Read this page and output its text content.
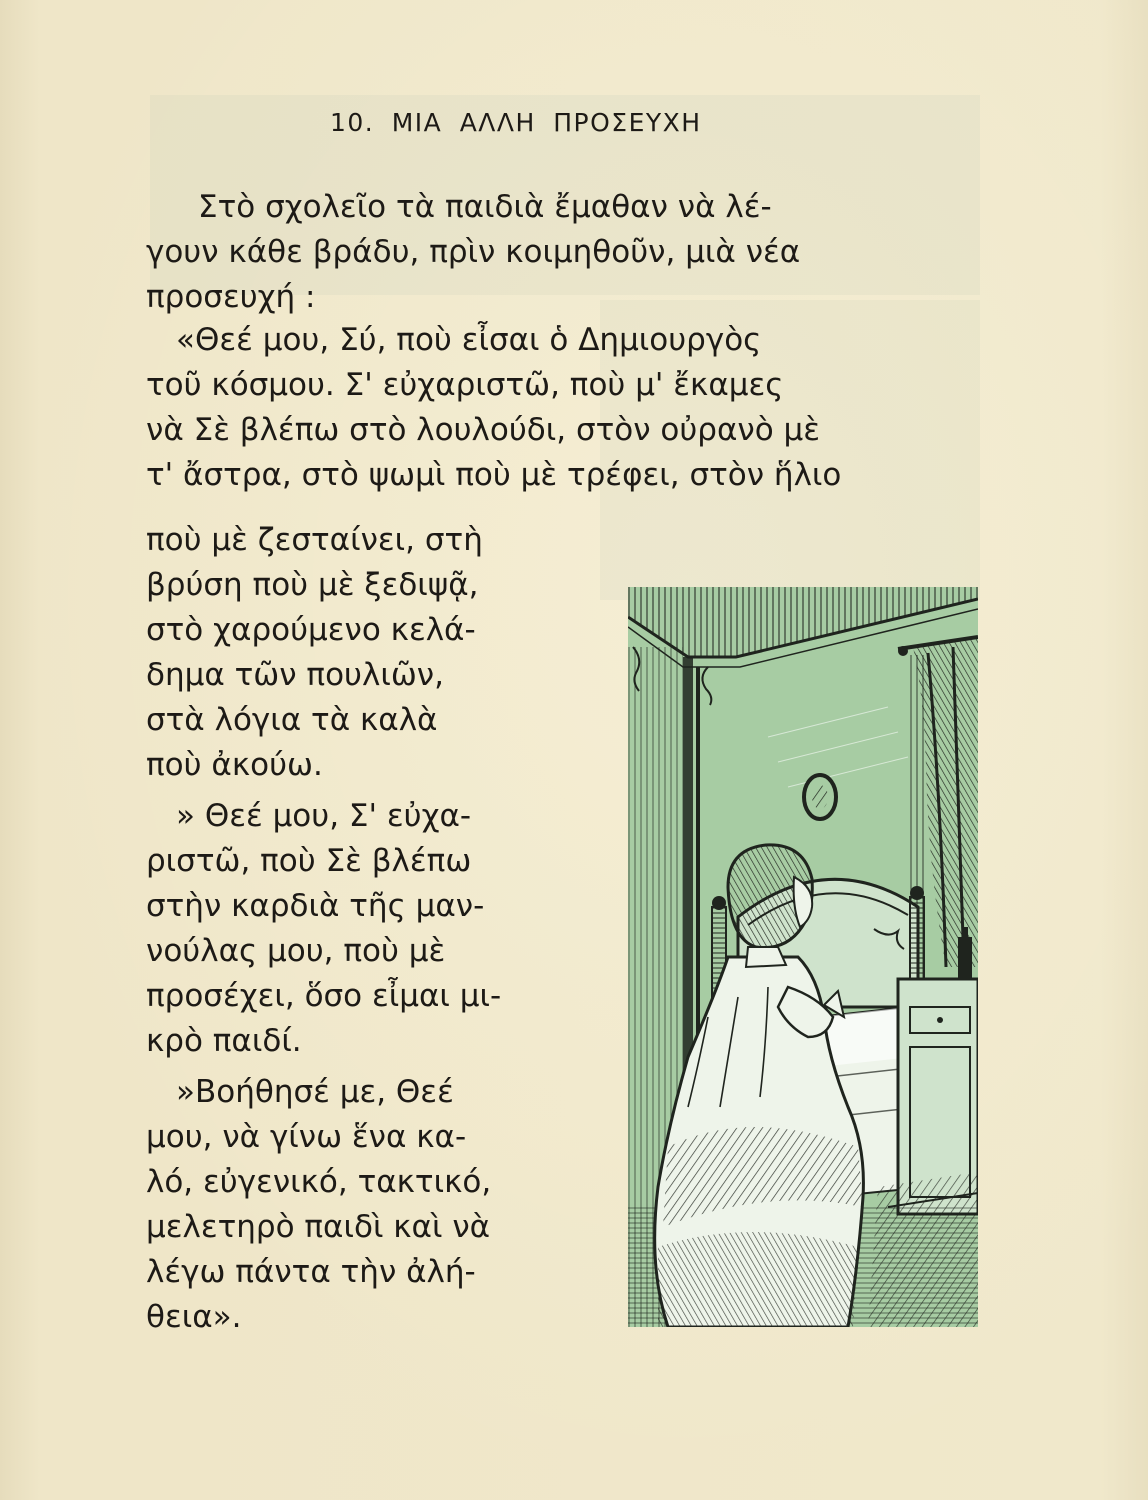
10. ΜΙΑ ΑΛΛΗ ΠΡΟΣΕΥΧΗ

Στὸ σχολεῖο τὰ παιδιὰ ἔμαθαν νὰ λέ-
γουν κάθε βράδυ, πρὶν κοιμηθοῦν, μιὰ νέα
προσευχή :

«Θεέ μου, Σύ, ποὺ εἶσαι ὁ Δημιουργὸς
τοῦ κόσμου. Σ' εὐχαριστῶ, ποὺ μ' ἔκαμες
νὰ Σὲ βλέπω στὸ λουλούδι, στὸν οὐρανὸ μὲ
τ' ἄστρα, στὸ ψωμὶ ποὺ μὲ τρέφει, στὸν ἥλιο

ποὺ μὲ ζεσταίνει, στὴ
βρύση ποὺ μὲ ξεδιψᾷ,
στὸ χαρούμενο κελά-
δημα τῶν πουλιῶν,
στὰ λόγια τὰ καλὰ
ποὺ ἀκούω.

» Θεέ μου, Σ' εὐχα-
ριστῶ, ποὺ Σὲ βλέπω
στὴν καρδιὰ τῆς μαν-
νούλας μου, ποὺ μὲ
προσέχει, ὅσο εἶμαι μι-
κρὸ παιδί.

»Βοήθησέ με, Θεέ
μου, νὰ γίνω ἕνα κα-
λό, εὐγενικό, τακτικό,
μελετηρὸ παιδὶ καὶ νὰ
λέγω πάντα τὴν ἀλή-
θεια».
